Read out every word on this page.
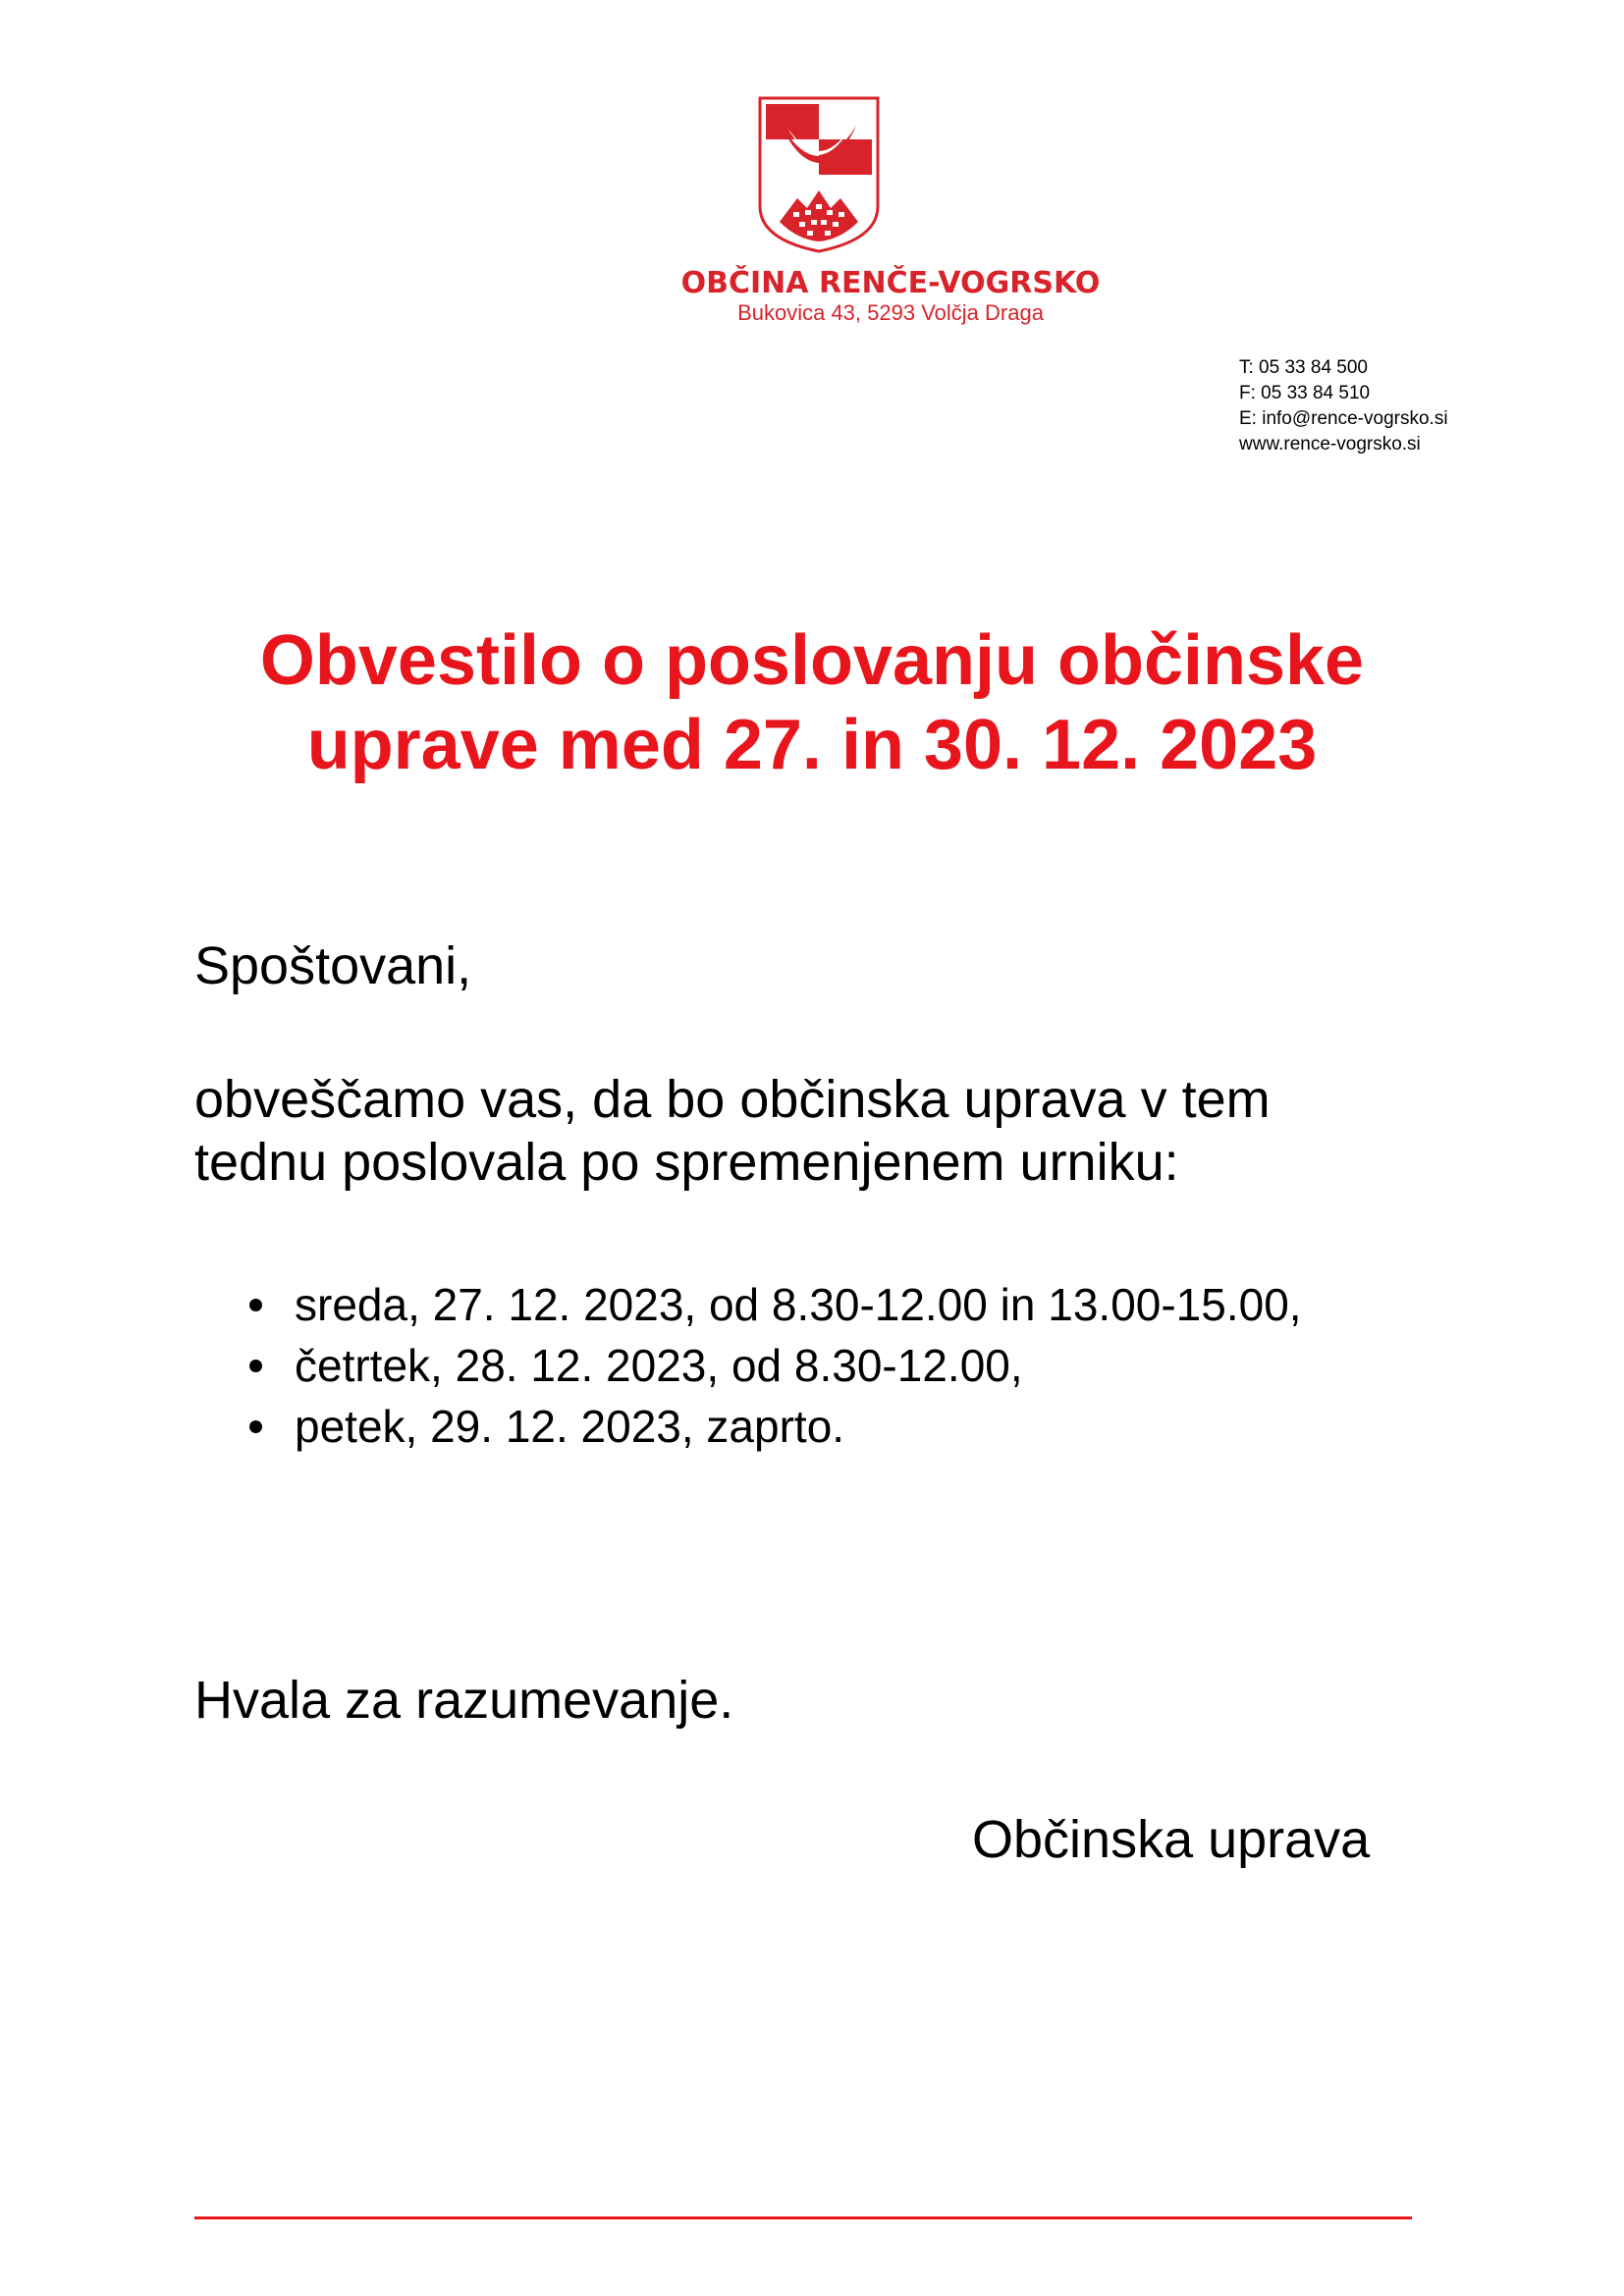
OBČINA RENČE-VOGRSKO
Bukovica 43, 5293 Volčja Draga
T: 05 33 84 500
F: 05 33 84 510
E: info@rence-vogrsko.si
www.rence-vogrsko.si
Obvestilo o poslovanju občinske
uprave med 27. in 30. 12. 2023
Spoštovani,
obveščamo vas, da bo občinska uprava v tem
tednu poslovala po spremenjenem urniku:
sreda, 27. 12. 2023, od 8.30-12.00 in 13.00-15.00,
četrtek, 28. 12. 2023, od 8.30-12.00,
petek, 29. 12. 2023, zaprto.
Hvala za razumevanje.
Občinska uprava
